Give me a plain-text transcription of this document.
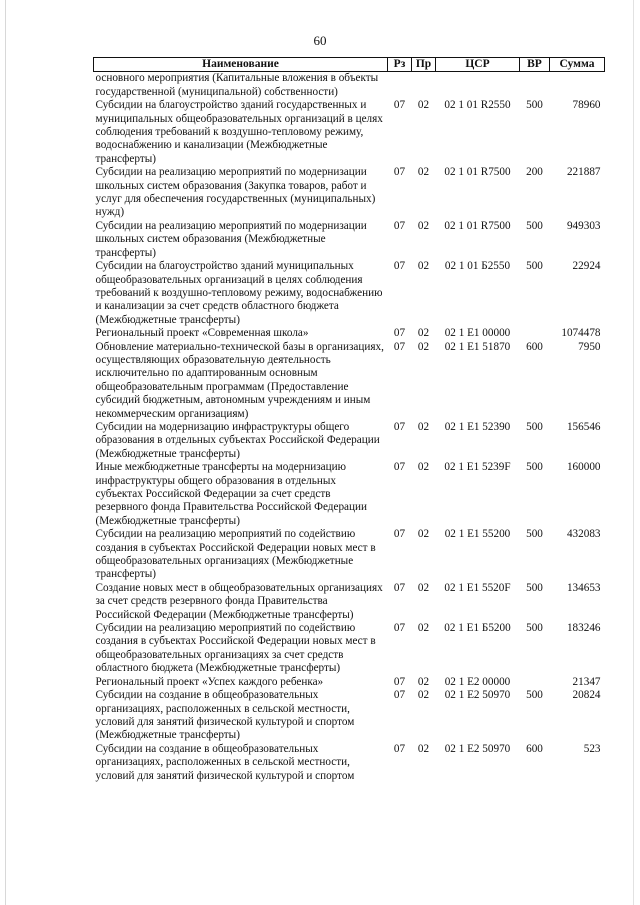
60
Наименование	Рз	Пр	ЦСР	ВР	Сумма
основного мероприятия (Капитальные вложения в объекты государственной (муниципальной) собственности)					
Субсидии на благоустройство зданий государственных и муниципальных общеобразовательных организаций в целях соблюдения требований к воздушно-тепловому режиму, водоснабжению и канализации (Межбюджетные трансферты)	07	02	02 1 01 R2550	500	78960
Субсидии на реализацию мероприятий по модернизации школьных систем образования (Закупка товаров, работ и услуг для обеспечения государственных (муниципальных) нужд)	07	02	02 1 01 R7500	200	221887
Субсидии на реализацию мероприятий по модернизации школьных систем образования (Межбюджетные трансферты)	07	02	02 1 01 R7500	500	949303
Субсидии на благоустройство зданий муниципальных общеобразовательных организаций в целях соблюдения требований к воздушно-тепловому режиму, водоснабжению и канализации за счет средств областного бюджета (Межбюджетные трансферты)	07	02	02 1 01 Б2550	500	22924
Региональный проект «Современная школа»	07	02	02 1 Е1 00000		1074478
Обновление материально-технической базы в организациях, осуществляющих образовательную деятельность исключительно по адаптированным основным общеобразовательным программам (Предоставление субсидий бюджетным, автономным учреждениям и иным некоммерческим организациям)	07	02	02 1 Е1 51870	600	7950
Субсидии на модернизацию инфраструктуры общего образования в отдельных субъектах Российской Федерации (Межбюджетные трансферты)	07	02	02 1 Е1 52390	500	156546
Иные межбюджетные трансферты на модернизацию инфраструктуры общего образования в отдельных субъектах Российской Федерации за счет средств резервного фонда Правительства Российской Федерации (Межбюджетные трансферты)	07	02	02 1 Е1 5239F	500	160000
Субсидии на реализацию мероприятий по содействию создания в субъектах Российской Федерации новых мест в общеобразовательных организациях (Межбюджетные трансферты)	07	02	02 1 Е1 55200	500	432083
Создание новых мест в общеобразовательных организациях за счет средств резервного фонда Правительства Российской Федерации (Межбюджетные трансферты)	07	02	02 1 Е1 5520F	500	134653
Субсидии на реализацию мероприятий по содействию создания в субъектах Российской Федерации новых мест в общеобразовательных организациях за счет средств областного бюджета (Межбюджетные трансферты)	07	02	02 1 Е1 Б5200	500	183246
Региональный проект «Успех каждого ребенка»	07	02	02 1 Е2 00000		21347
Субсидии на создание в общеобразовательных организациях, расположенных в сельской местности, условий для занятий физической культурой и спортом (Межбюджетные трансферты)	07	02	02 1 Е2 50970	500	20824
Субсидии на создание в общеобразовательных организациях, расположенных в сельской местности, условий для занятий физической культурой и спортом	07	02	02 1 Е2 50970	600	523
